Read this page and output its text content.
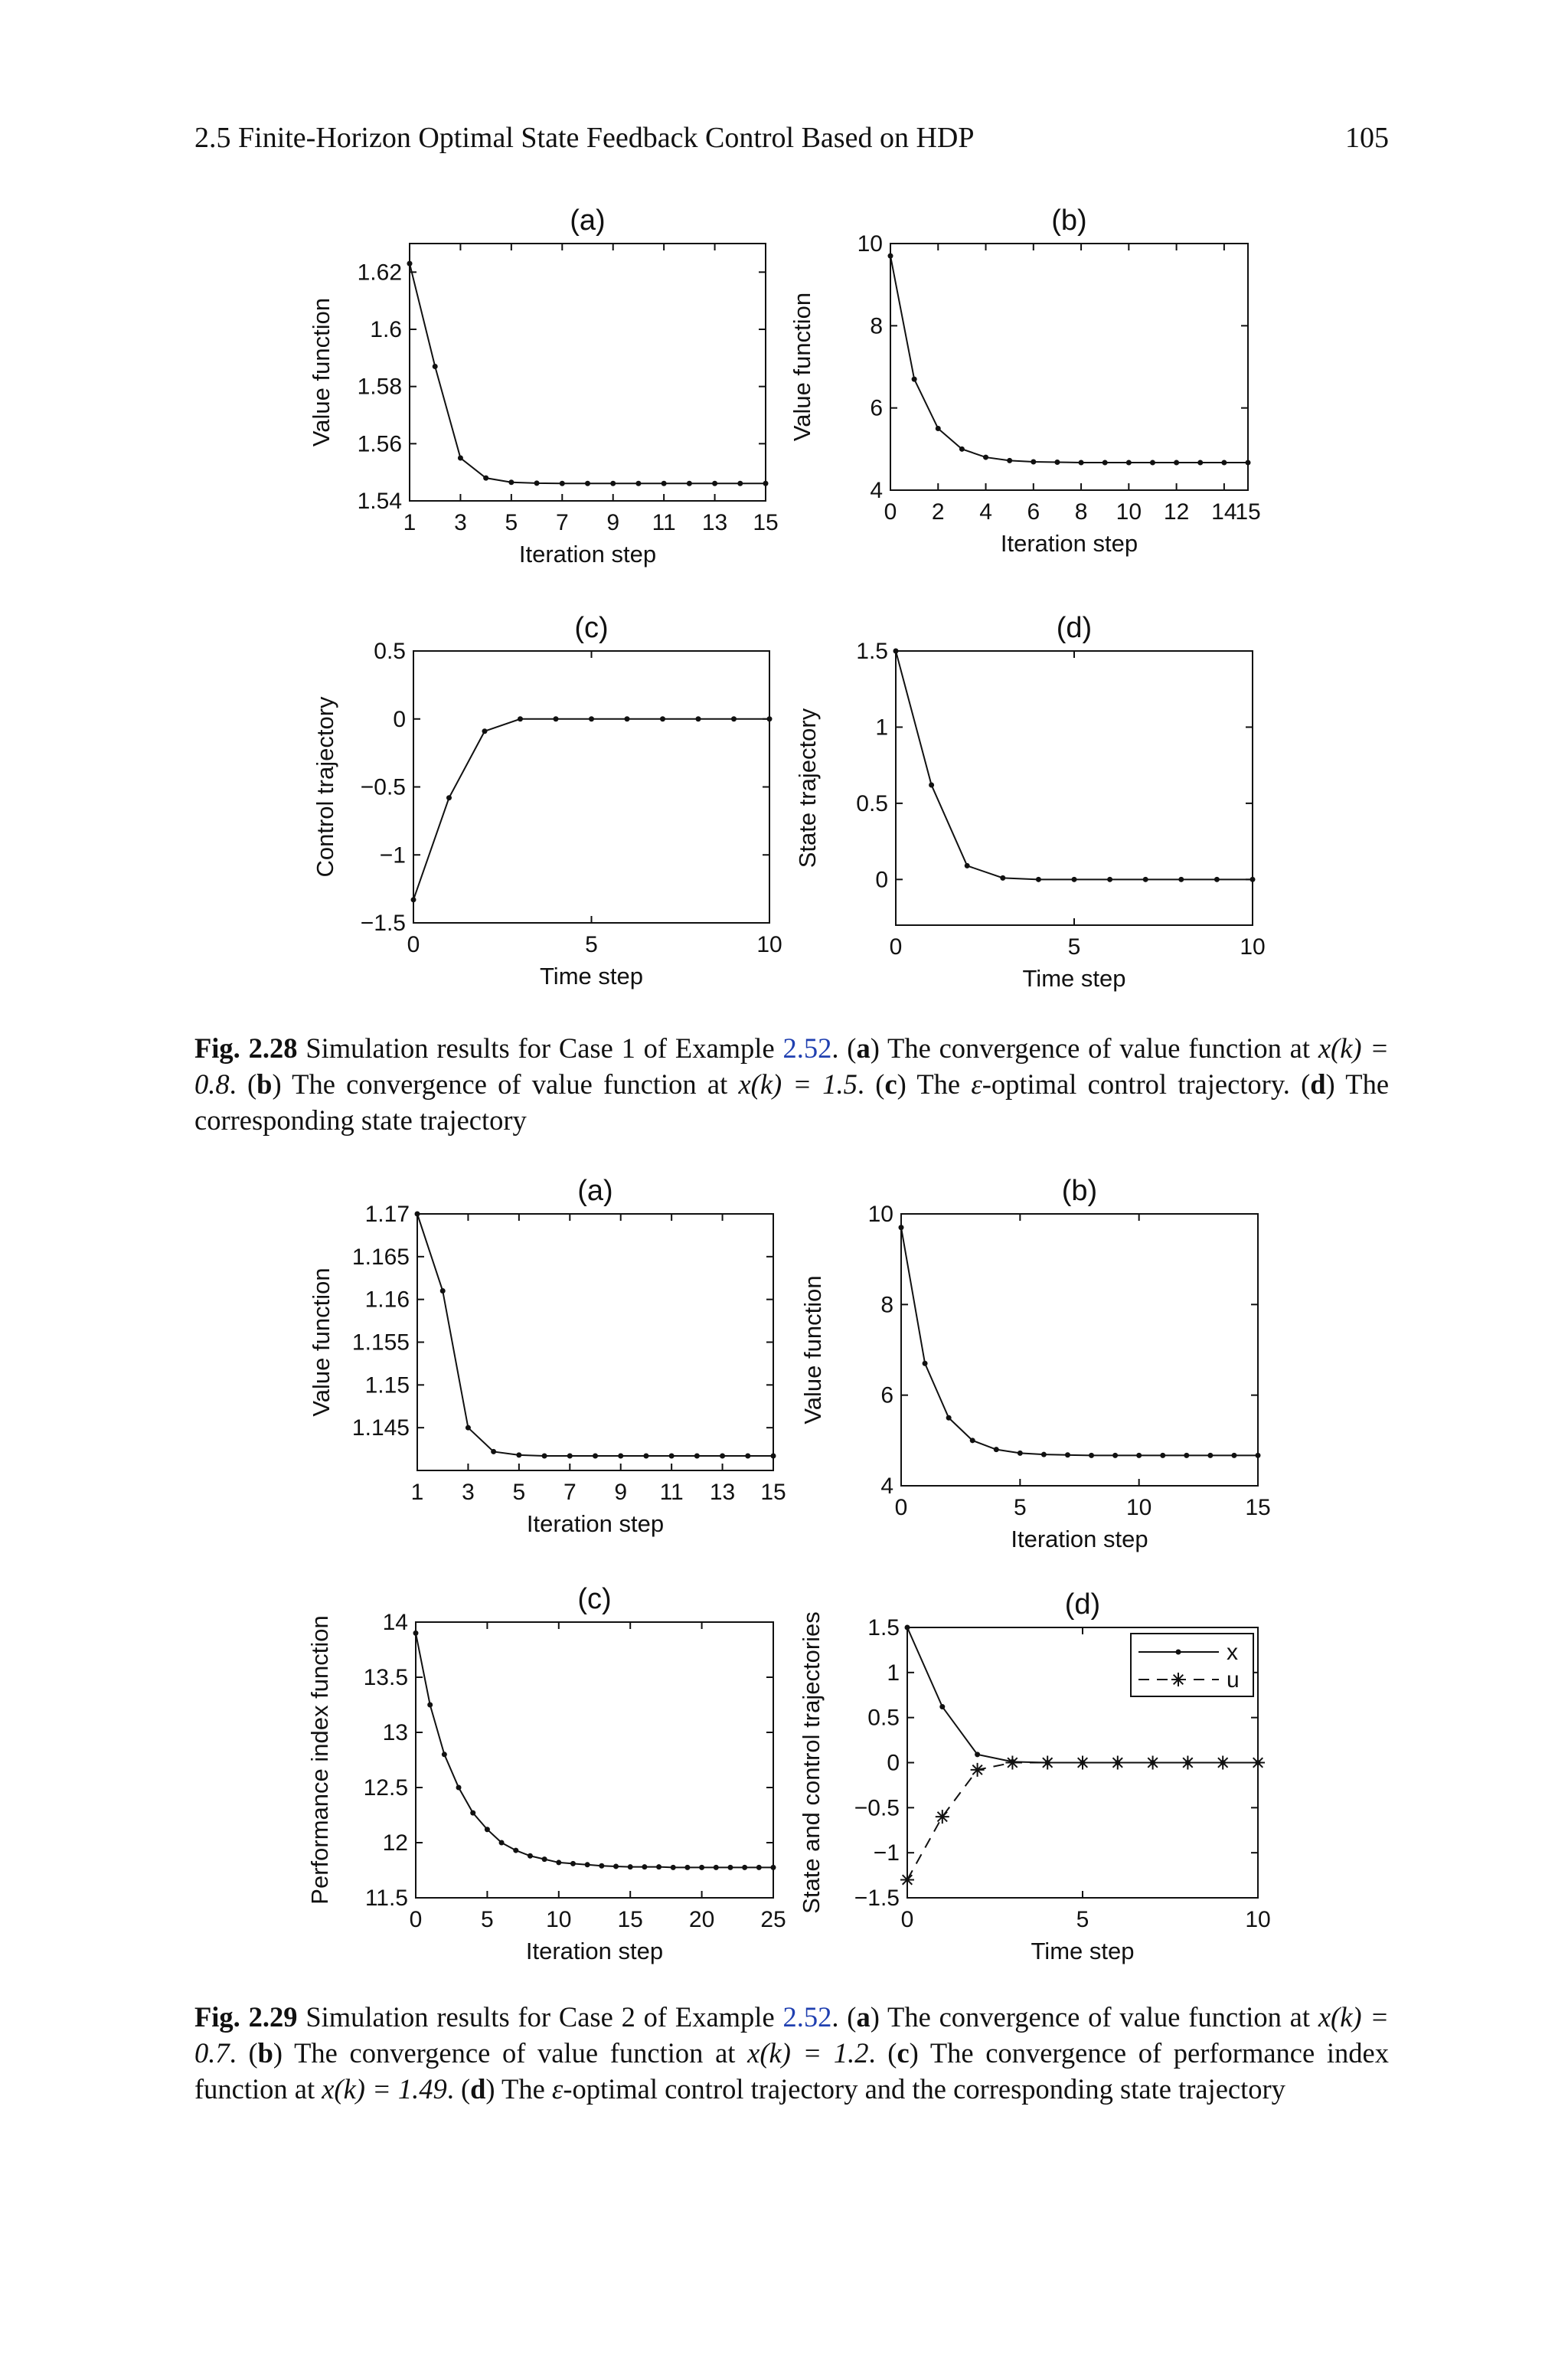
2.5 Finite-Horizon Optimal State Feedback Control Based on HDP	105
1 3 5 7 9 11 13 15
1.54
1.56
1.58
1.6
1.62
(a)
Iteration step
Value function
0 2 4 6 8 10 12 14
15
4
6
8
10
(b)
Iteration step
Value function
0	5	10
−1.5
−1
−0.5
0
0.5
(c)
Time step
Control trajectory
0	5	10
0
0.5
1
1.5
(d)
Time step
State trajectory
Fig. 2.28 Simulation results for Case 1 of Example 2.52. (a) The convergence of value function at x(k) = 0.8. (b) The convergence of value function at x(k) = 1.5. (c) The ε-optimal control trajectory. (d) The corresponding state trajectory
1 3 5 7 9 11 13 15
1.145
1.15
1.155
1.16
1.165
1.17
(a)
Iteration step
Value function
0	5	10	15
4
6
8
10
(b)
Iteration step
Value function
0	5 10 15 20 25
11.5
12
12.5
13
13.5
14
(c)
Iteration step
Performance index function
0	5	10
−1.5
−1
−0.5
0
0.5
1
1.5
(d)
Time step
State and control trajectories	x
u
Fig. 2.29 Simulation results for Case 2 of Example 2.52. (a) The convergence of value function at x(k) = 0.7. (b) The convergence of value function at x(k) = 1.2. (c) The convergence of performance index function at x(k) = 1.49. (d) The ε-optimal control trajectory and the corresponding state trajectory
